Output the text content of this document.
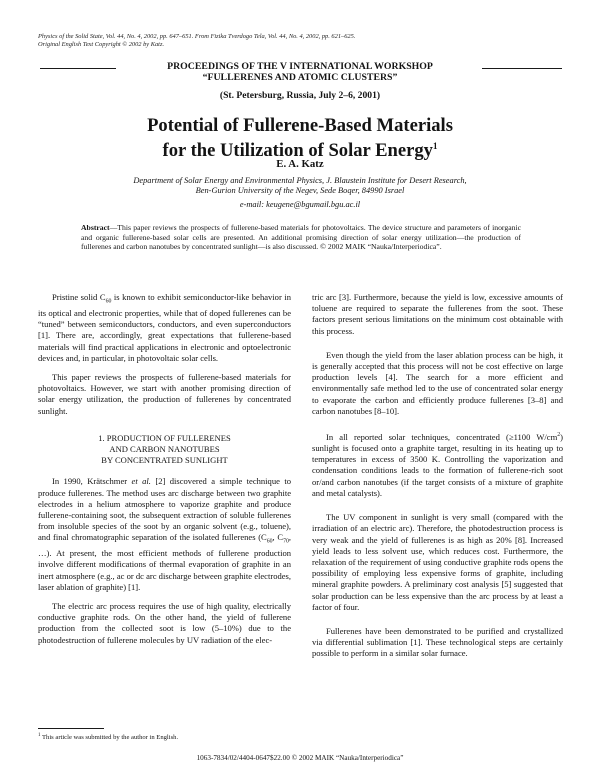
Physics of the Solid State, Vol. 44, No. 4, 2002, pp. 647–651. From Fizika Tverdogo Tela, Vol. 44, No. 4, 2002, pp. 621–625.
Original English Text Copyright © 2002 by Katz.
PROCEEDINGS OF THE V INTERNATIONAL WORKSHOP
“FULLERENES AND ATOMIC CLUSTERS”
(St. Petersburg, Russia, July 2–6, 2001)
Potential of Fullerene-Based Materials
for the Utilization of Solar Energy$^1$
E. A. Katz
Department of Solar Energy and Environmental Physics, J. Blaustein Institute for Desert Research,
Ben-Gurion University of the Negev, Sede Boqer, 84990 Israel
e-mail: keugene@bgumail.bgu.ac.il
Abstract—This paper reviews the prospects of fullerene-based materials for photovoltaics. The device structure and parameters of inorganic and organic fullerene-based solar cells are presented. An additional promising direction of solar energy utilization—the production of fullerenes and carbon nanotubes by concentrated sunlight—is also discussed. © 2002 MAIK “Nauka/Interperiodica”.

Pristine solid $C_{60}$ is known to exhibit semiconductor-like behavior in its optical and electronic properties, while that of doped fullerenes can be “tuned” between semiconductors, conductors, and even superconductors [1]. There are, accordingly, great expectations that fullerene-based materials will find practical applications in electronic and optoelectronic devices and, in particular, in photovoltaic solar cells.

This paper reviews the prospects of fullerene-based materials for photovoltaics. However, we start with another promising direction of solar energy utilization, the production of fullerenes by concentrated sunlight.

1. PRODUCTION OF FULLERENES
AND CARBON NANOTUBES
BY CONCENTRATED SUNLIGHT

In 1990, Krätschmer et al. [2] discovered a simple technique to produce fullerenes. The method uses arc discharge between two graphite electrodes in a helium atmosphere to vaporize graphite and produce fullerene-containing soot, the subsequent extraction of soluble fullerenes from insoluble species of the soot by an organic solvent (e.g., toluene), and final chromatographic separation of the isolated fullerenes ($C_{60}$, $C_{70}$, …). At present, the most efficient methods of fullerene production involve different modifications of thermal evaporation of graphite in an inert atmosphere (e.g., ac or dc arc discharge between graphite electrodes, laser ablation of graphite) [1].

The electric arc process requires the use of high quality, electrically conductive graphite rods. On the other hand, the yield of fullerene production from the collected soot is low (5–10%) due to the photodestruction of fullerene molecules by UV radiation of the elec-

tric arc [3]. Furthermore, because the yield is low, excessive amounts of toluene are required to separate the fullerenes from the soot. These factors present serious limitations on the minimum cost obtainable with this process.

Even though the yield from the laser ablation process can be high, it is generally accepted that this process will not be cost effective on large production levels [4]. The search for a more efficient and environmentally safe method led to the use of concentrated solar energy to evaporate the carbon and efficiently produce fullerenes [3–8] and carbon nanotubes [8–10].

In all reported solar techniques, concentrated (≥1100 $W/cm^2$) sunlight is focused onto a graphite target, resulting in its heating up to temperatures in excess of 3500 K. Controlling the vaporization and condensation conditions leads to the formation of fullerene-rich soot or/and carbon nanotubes (if the target consists of a mixture of graphite and metal catalysts).

The UV component in sunlight is very small (compared with the irradiation of an electric arc). Therefore, the photodestruction process is very weak and the yield of fullerenes is as high as 20% [8]. Increased yield leads to less solvent use, which reduces cost. Furthermore, the relaxation of the requirement of using conductive graphite rods opens the possibility of employing less expensive forms of graphite, including mineral graphite powders. A preliminary cost analysis [5] suggested that solar production can be less expensive than the arc process by at least a factor of four.

Fullerenes have been demonstrated to be purified and crystallized via differential sublimation [1]. These technological steps are certainly possible to perform in a similar solar furnace.

$^1$ This article was submitted by the author in English.
1063-7834/02/4404-0647$22.00 © 2002 MAIK “Nauka/Interperiodica”
